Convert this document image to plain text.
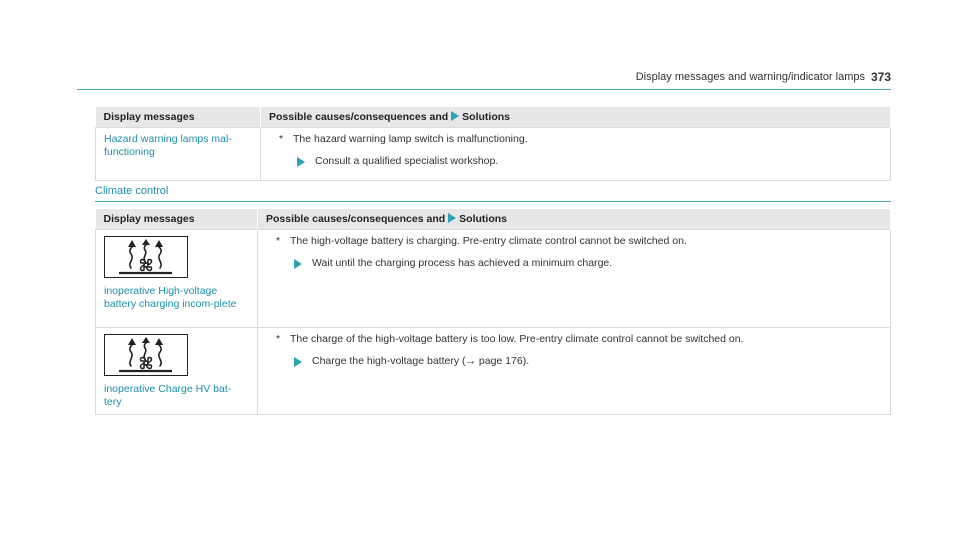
Display messages and warning/indicator lamps 373
Display messages	Possible causes/consequences and Solutions

Hazard warning lamps mal-functioning	* The hazard warning lamp switch is malfunctioning.
Consult a qualified specialist workshop.
Climate control
Display messages	Possible causes/consequences and Solutions

inoperative High-voltage battery charging incom-plete	* The high-voltage battery is charging. Pre-entry climate control cannot be switched on.
Wait until the charging process has achieved a minimum charge.

inoperative Charge HV bat-tery	* The charge of the high-voltage battery is too low. Pre-entry climate control cannot be switched on.
Charge the high-voltage battery (→ page 176).
